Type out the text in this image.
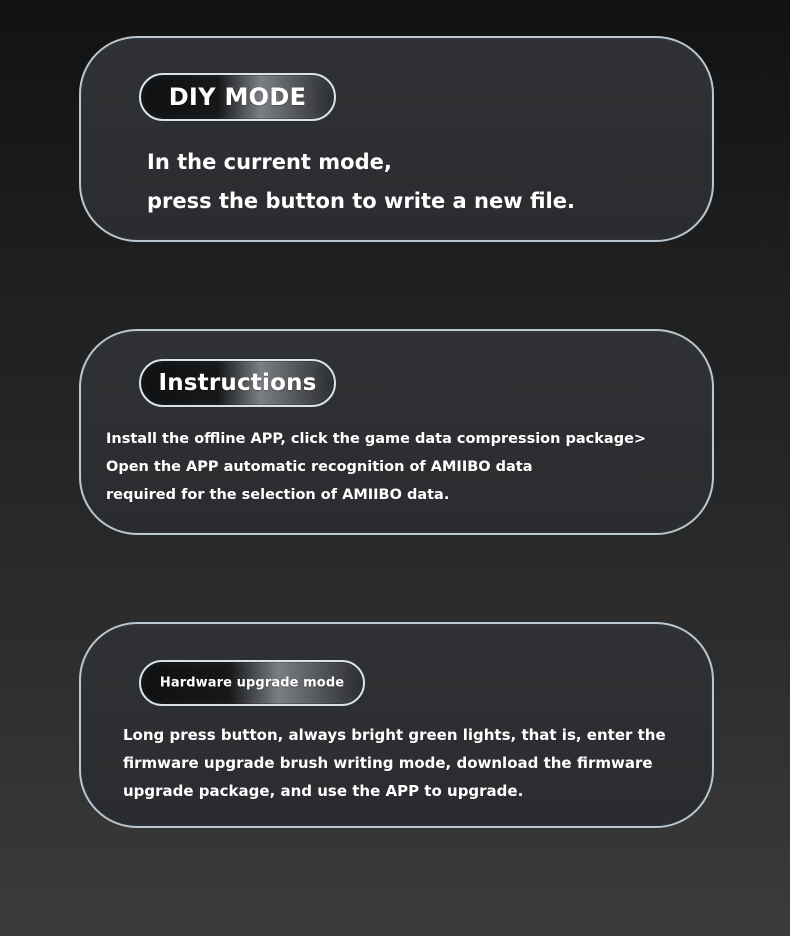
DIY MODE
In the current mode,
press the button to write a new file.
Instructions
Install the offline APP, click the game data compression package>
Open the APP automatic recognition of AMIIBO data
required for the selection of AMIIBO data.
Hardware upgrade mode
Long press button, always bright green lights, that is, enter the
firmware upgrade brush writing mode, download the firmware
upgrade package, and use the APP to upgrade.
